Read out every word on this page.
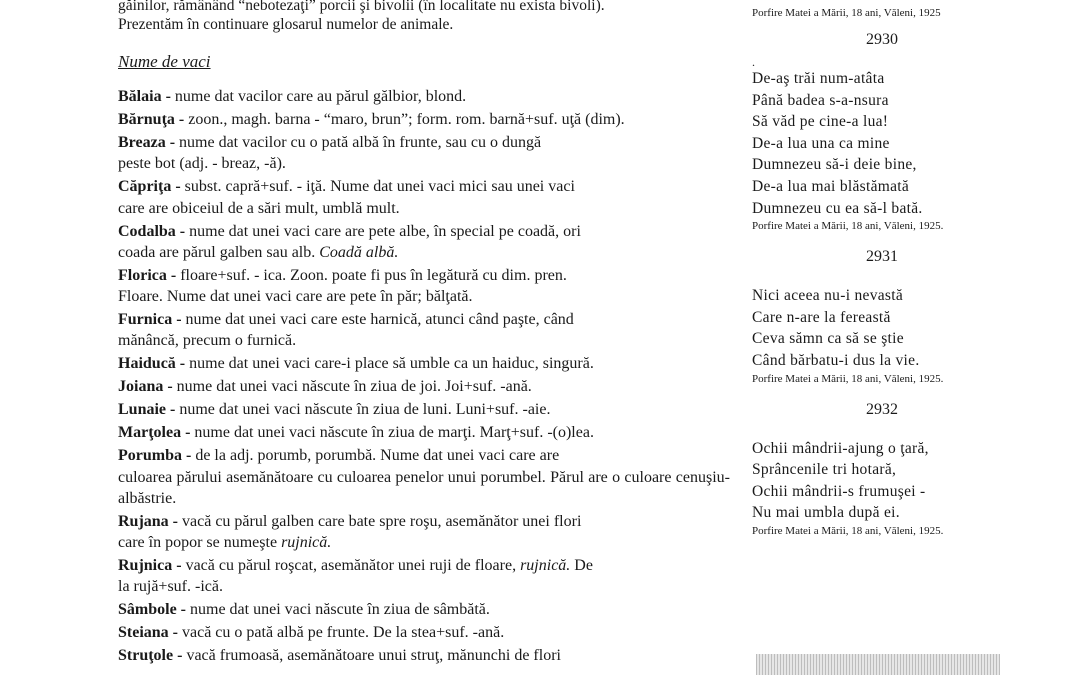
găinilor, rămânând “nebotezaţi” porcii şi bivolii (în localitate nu exista bivoli).

Prezentăm în continuare glosarul numelor de animale.

Nume de vaci
Bălaia - nume dat vacilor care au părul gălbior, blond.
Bărnuţa - zoon., magh. barna - “maro, brun”; form. rom. barnă+suf. uţă (dim).
Breaza - nume dat vacilor cu o pată albă în frunte, sau cu o dungă
peste bot (adj. - breaz, -ă).
Căpriţa - subst. capră+suf. - iţă. Nume dat unei vaci mici sau unei vaci
care are obiceiul de a sări mult, umblă mult.
Codalba - nume dat unei vaci care are pete albe, în special pe coadă, ori
coada are părul galben sau alb. Coadă albă.
Florica - floare+suf. - ica. Zoon. poate fi pus în legătură cu dim. pren.
Floare. Nume dat unei vaci care are pete în păr; bălţată.
Furnica - nume dat unei vaci care este harnică, atunci când paşte, când
mănâncă, precum o furnică.
Haiducă - nume dat unei vaci care-i place să umble ca un haiduc, singură.
Joiana - nume dat unei vaci născute în ziua de joi. Joi+suf. -ană.
Lunaie - nume dat unei vaci născute în ziua de luni. Luni+suf. -aie.
Marţolea - nume dat unei vaci născute în ziua de marţi. Marţ+suf. -(o)lea.
Porumba - de la adj. porumb, porumbă. Nume dat unei vaci care are
culoarea părului asemănătoare cu culoarea penelor unui porumbel. Părul are o culoare cenuşiu-albăstrie.
Rujana - vacă cu părul galben care bate spre roşu, asemănător unei flori
care în popor se numeşte rujnică.
Rujnica - vacă cu părul roşcat, asemănător unei ruji de floare, rujnică. De
la rujă+suf. -ică.
Sâmbole - nume dat unei vaci născute în ziua de sâmbătă.
Steiana - vacă cu o pată albă pe frunte. De la stea+suf. -ană.
Struţole - vacă frumoasă, asemănătoare unui struţ, mănunchi de flori

Porfire Matei a Mării, 18 ani, Văleni, 1925

2930

.

De-aş trăi num-atâta

Până badea s-a-nsura

Să văd pe cine-a lua!

De-a lua una ca mine

Dumnezeu să-i deie bine,

De-a lua mai blăstămată

Dumnezeu cu ea să-l bată.

Porfire Matei a Mării, 18 ani, Văleni, 1925.

2931

Nici aceea nu-i nevastă

Care n-are la fereastă

Ceva sămn ca să se ştie

Când bărbatu-i dus la vie.

Porfire Matei a Mării, 18 ani, Văleni, 1925.

2932

Ochii mândrii-ajung o ţară,

Sprâncenile tri hotară,

Ochii mândrii-s frumuşei -

Nu mai umbla după ei.

Porfire Matei a Mării, 18 ani, Văleni, 1925.
